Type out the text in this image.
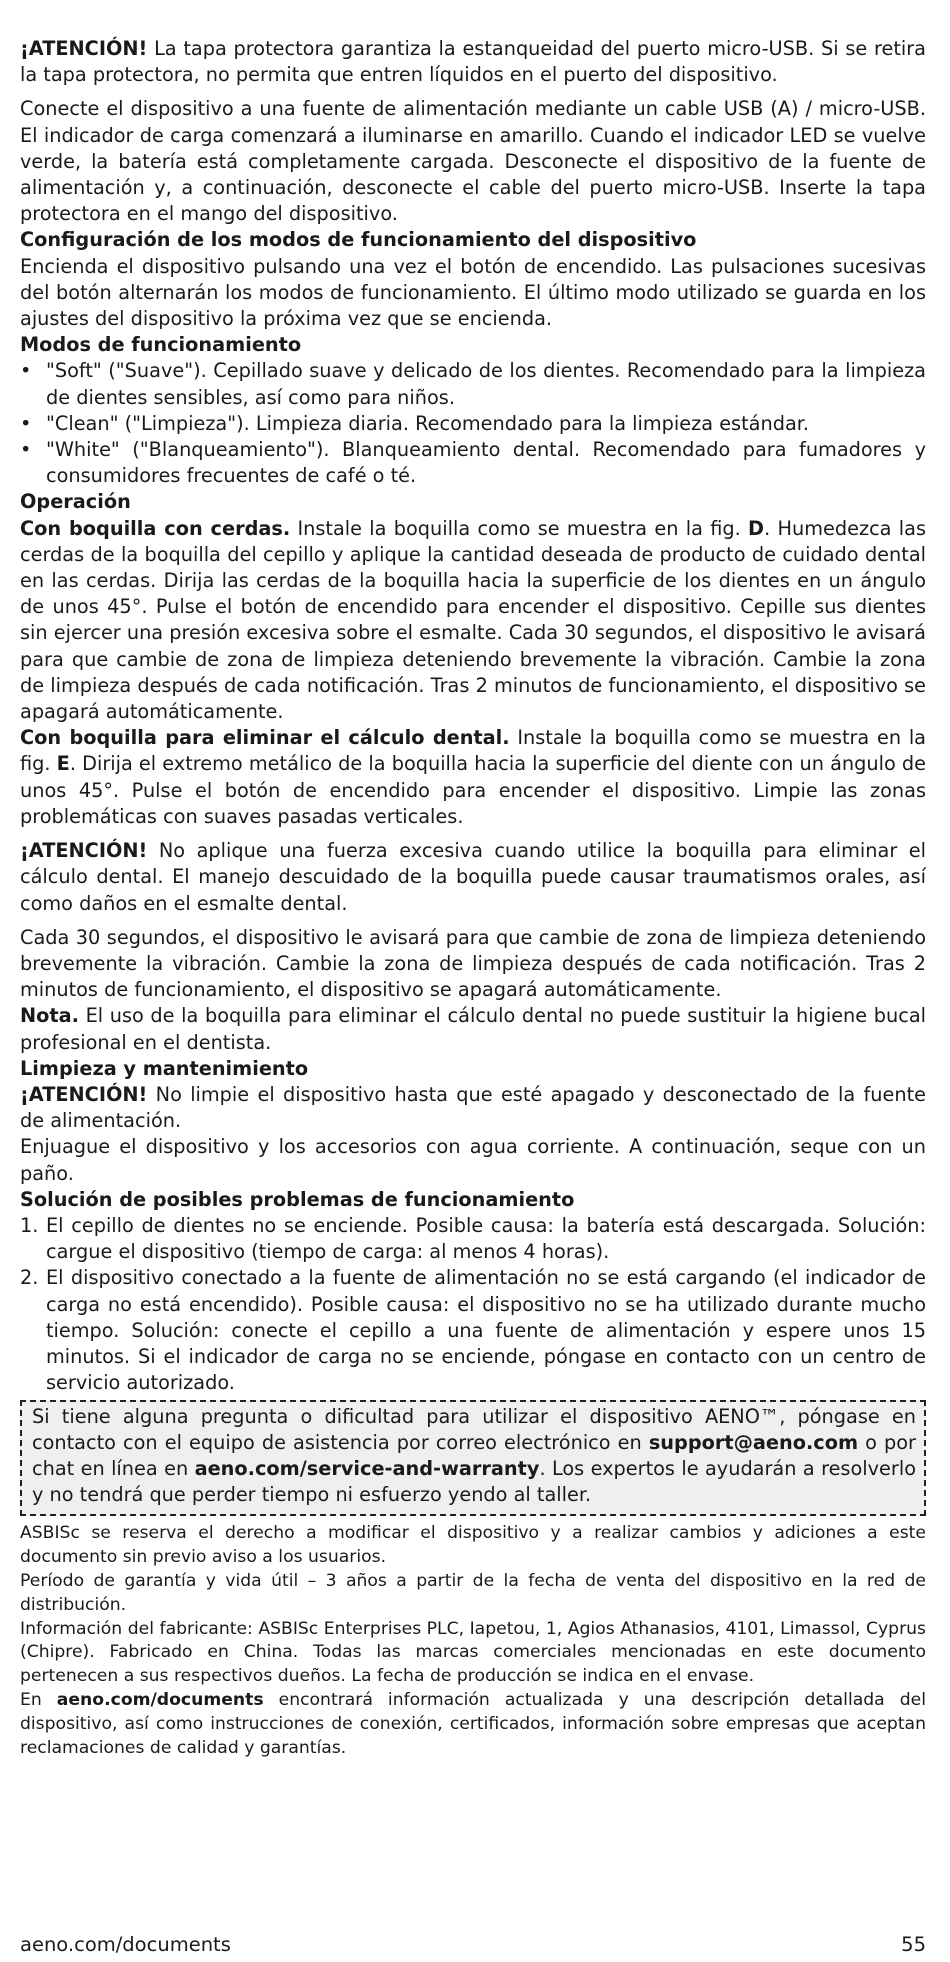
¡ATENCIÓN! La tapa protectora garantiza la estanqueidad del puerto micro-USB. Si se retira la tapa protectora, no permita que entren líquidos en el puerto del dispositivo.

Conecte el dispositivo a una fuente de alimentación mediante un cable USB (A) / micro-USB. El indicador de carga comenzará a iluminarse en amarillo. Cuando el indicador LED se vuelve verde, la batería está completamente cargada. Desconecte el dispositivo de la fuente de alimentación y, a continuación, desconecte el cable del puerto micro-USB. Inserte la tapa protectora en el mango del dispositivo.

Configuración de los modos de funcionamiento del dispositivo

Encienda el dispositivo pulsando una vez el botón de encendido. Las pulsaciones sucesivas del botón alternarán los modos de funcionamiento. El último modo utilizado se guarda en los ajustes del dispositivo la próxima vez que se encienda.

Modos de funcionamiento

• "Soft" ("Suave"). Cepillado suave y delicado de los dientes. Recomendado para la limpieza de dientes sensibles, así como para niños.
• "Clean" ("Limpieza"). Limpieza diaria. Recomendado para la limpieza estándar.
• "White" ("Blanqueamiento"). Blanqueamiento dental. Recomendado para fumadores y consumidores frecuentes de café o té.

Operación

Con boquilla con cerdas. Instale la boquilla como se muestra en la fig. D. Humedezca las cerdas de la boquilla del cepillo y aplique la cantidad deseada de producto de cuidado dental en las cerdas. Dirija las cerdas de la boquilla hacia la superficie de los dientes en un ángulo de unos 45°. Pulse el botón de encendido para encender el dispositivo. Cepille sus dientes sin ejercer una presión excesiva sobre el esmalte. Cada 30 segundos, el dispositivo le avisará para que cambie de zona de limpieza deteniendo brevemente la vibración. Cambie la zona de limpieza después de cada notificación. Tras 2 minutos de funcionamiento, el dispositivo se apagará automáticamente.

Con boquilla para eliminar el cálculo dental. Instale la boquilla como se muestra en la fig. E. Dirija el extremo metálico de la boquilla hacia la superficie del diente con un ángulo de unos 45°. Pulse el botón de encendido para encender el dispositivo. Limpie las zonas problemáticas con suaves pasadas verticales.

¡ATENCIÓN! No aplique una fuerza excesiva cuando utilice la boquilla para eliminar el cálculo dental. El manejo descuidado de la boquilla puede causar traumatismos orales, así como daños en el esmalte dental.

Cada 30 segundos, el dispositivo le avisará para que cambie de zona de limpieza deteniendo brevemente la vibración. Cambie la zona de limpieza después de cada notificación. Tras 2 minutos de funcionamiento, el dispositivo se apagará automáticamente.

Nota. El uso de la boquilla para eliminar el cálculo dental no puede sustituir la higiene bucal profesional en el dentista.

Limpieza y mantenimiento

¡ATENCIÓN! No limpie el dispositivo hasta que esté apagado y desconectado de la fuente de alimentación.

Enjuague el dispositivo y los accesorios con agua corriente. A continuación, seque con un paño.

Solución de posibles problemas de funcionamiento

1. El cepillo de dientes no se enciende. Posible causa: la batería está descargada. Solución: cargue el dispositivo (tiempo de carga: al menos 4 horas).
2. El dispositivo conectado a la fuente de alimentación no se está cargando (el indicador de carga no está encendido). Posible causa: el dispositivo no se ha utilizado durante mucho tiempo. Solución: conecte el cepillo a una fuente de alimentación y espere unos 15 minutos. Si el indicador de carga no se enciende, póngase en contacto con un centro de servicio autorizado.

Si tiene alguna pregunta o dificultad para utilizar el dispositivo AENO™, póngase en contacto con el equipo de asistencia por correo electrónico en support@aeno.com o por chat en línea en aeno.com/service-and-warranty. Los expertos le ayudarán a resolverlo y no tendrá que perder tiempo ni esfuerzo yendo al taller.

ASBISc se reserva el derecho a modificar el dispositivo y a realizar cambios y adiciones a este documento sin previo aviso a los usuarios.

Período de garantía y vida útil – 3 años a partir de la fecha de venta del dispositivo en la red de distribución.

Información del fabricante: ASBISc Enterprises PLC, Iapetou, 1, Agios Athanasios, 4101, Limassol, Cyprus (Chipre). Fabricado en China. Todas las marcas comerciales mencionadas en este documento pertenecen a sus respectivos dueños. La fecha de producción se indica en el envase.

En aeno.com/documents encontrará información actualizada y una descripción detallada del dispositivo, así como instrucciones de conexión, certificados, información sobre empresas que aceptan reclamaciones de calidad y garantías.

aeno.com/documents	55
